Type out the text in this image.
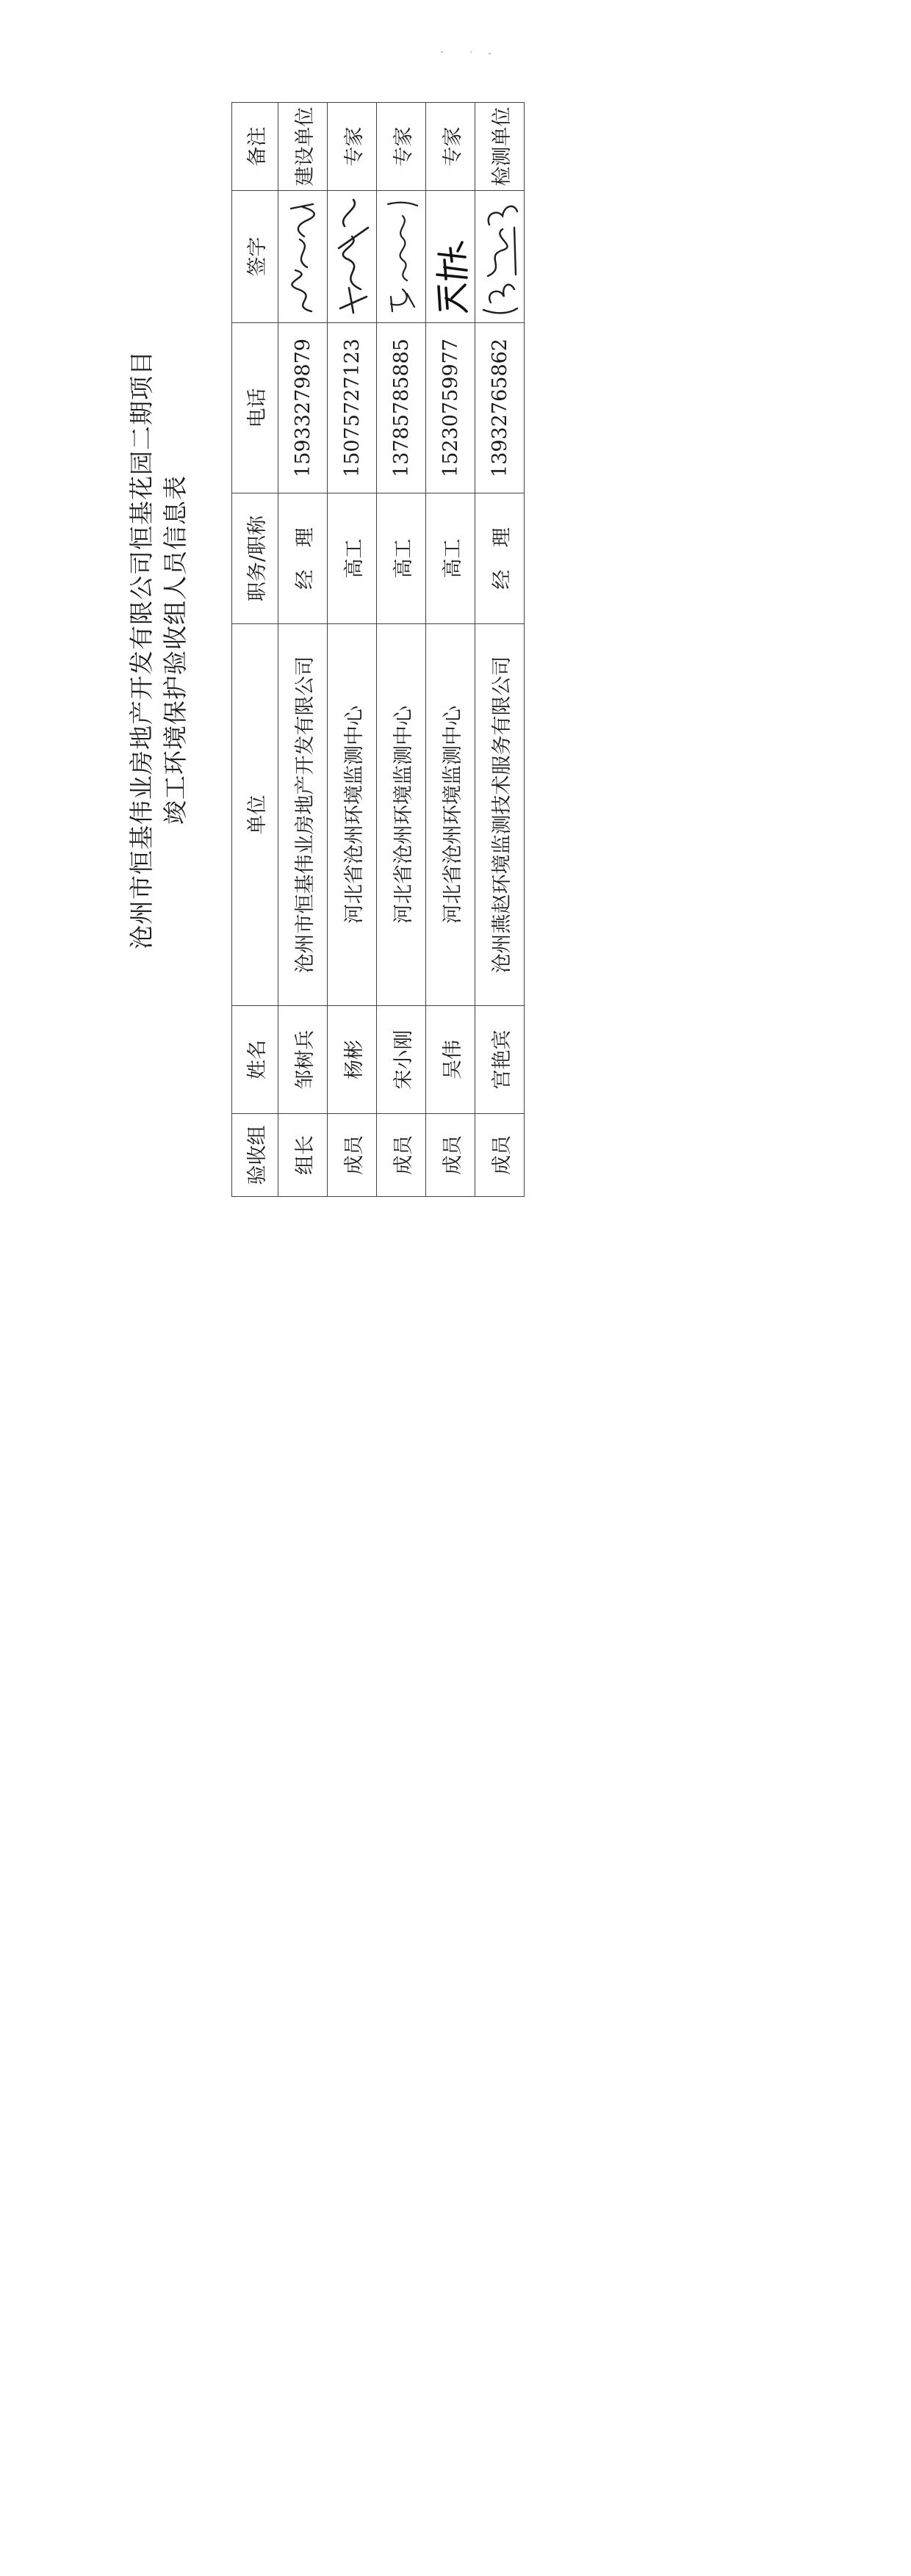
沧州市恒基伟业房地产开发有限公司恒基花园二期项目 竣工环境保护验收组人员信息表
验收组	姓名	单位	职务/职称	电话	签字	备注
组长	邹树兵	沧州市恒基伟业房地产开发有限公司	经 理	15933279879		建设单位
成员	杨彬	河北省沧州环境监测中心	高工	15075727123		专家
成员	宋小刚	河北省沧州环境监测中心	高工	13785785885		专家
成员	吴伟	河北省沧州环境监测中心	高工	15230759977		专家
成员	宫艳宾	沧州燕赵环境监测技术服务有限公司	经 理	13932765862		检测单位
